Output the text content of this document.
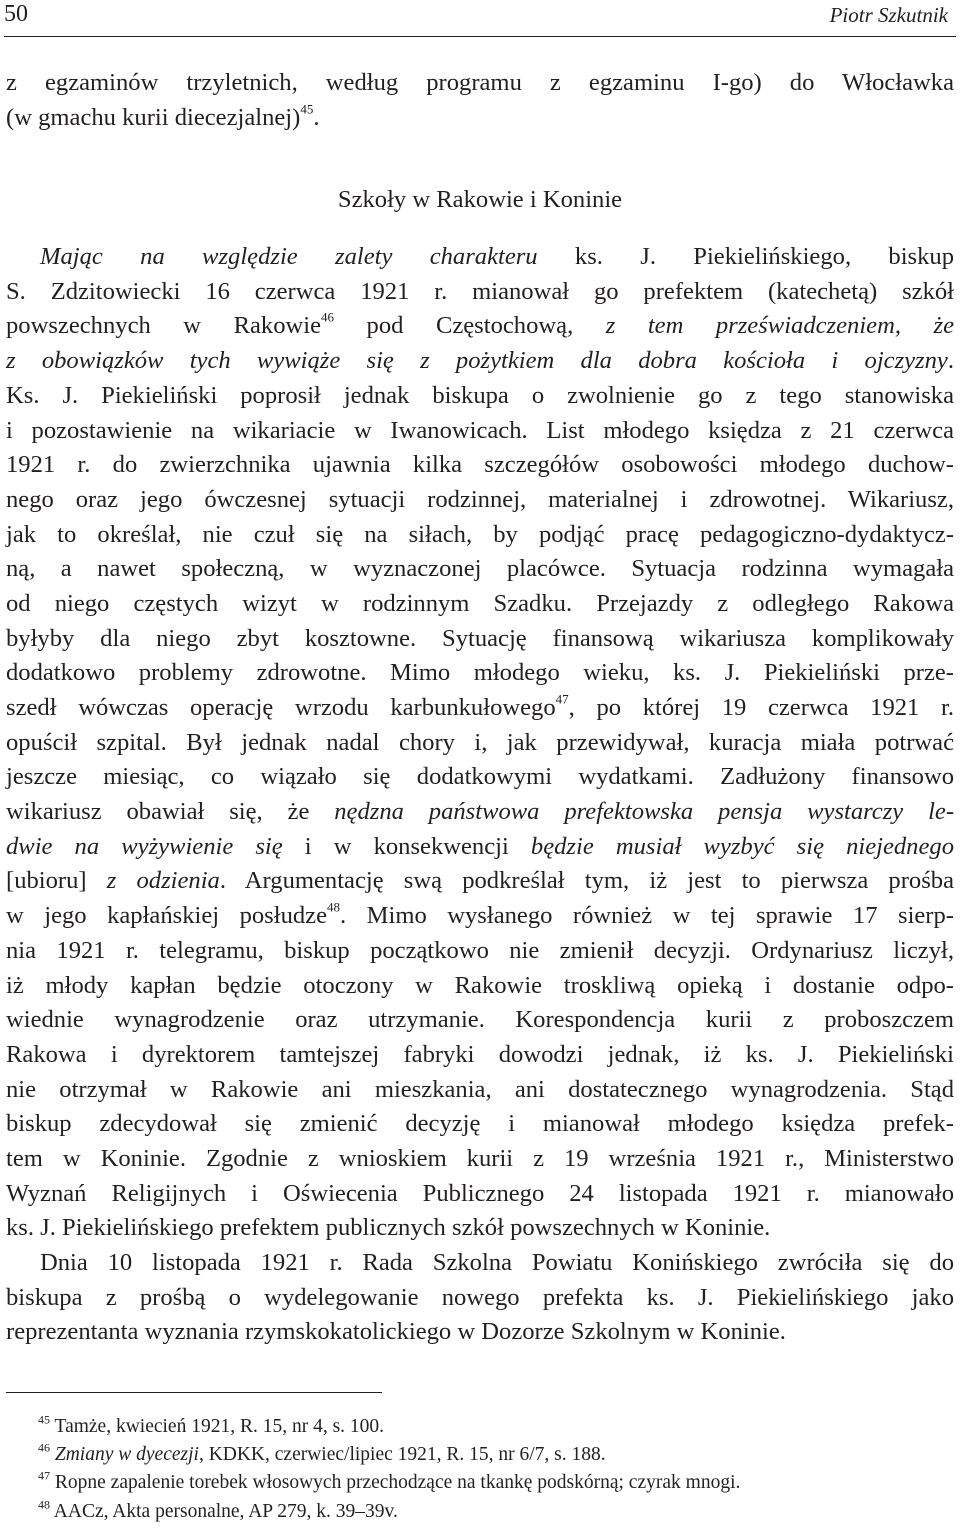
50	Piotr Szkutnik
z egzaminów trzyletnich, według programu z egzaminu I-go) do Włocławka
(w gmachu kurii diecezjalnej)$^{45}$.
Szkoły w Rakowie i Koninie
Mając na względzie zalety charakteru ks. J. Piekielińskiego, biskup
S. Zdzitowiecki 16 czerwca 1921 r. mianował go prefektem (katechetą) szkół
powszechnych w Rakowie$^{46}$ pod Częstochową, z tem przeświadczeniem, że
z obowiązków tych wywiąże się z pożytkiem dla dobra kościoła i ojczyzny.
Ks. J. Piekieliński poprosił jednak biskupa o zwolnienie go z tego stanowiska
i pozostawienie na wikariacie w Iwanowicach. List młodego księdza z 21 czerwca
1921 r. do zwierzchnika ujawnia kilka szczegółów osobowości młodego duchow-
nego oraz jego ówczesnej sytuacji rodzinnej, materialnej i zdrowotnej. Wikariusz,
jak to określał, nie czuł się na siłach, by podjąć pracę pedagogiczno-dydaktycz-
ną, a nawet społeczną, w wyznaczonej placówce. Sytuacja rodzinna wymagała
od niego częstych wizyt w rodzinnym Szadku. Przejazdy z odległego Rakowa
byłyby dla niego zbyt kosztowne. Sytuację finansową wikariusza komplikowały
dodatkowo problemy zdrowotne. Mimo młodego wieku, ks. J. Piekieliński prze-
szedł wówczas operację wrzodu karbunkułowego$^{47}$, po której 19 czerwca 1921 r.
opuścił szpital. Był jednak nadal chory i, jak przewidywał, kuracja miała potrwać
jeszcze miesiąc, co wiązało się dodatkowymi wydatkami. Zadłużony finansowo
wikariusz obawiał się, że nędzna państwowa prefektowska pensja wystarczy le-
dwie na wyżywienie się i w konsekwencji będzie musiał wyzbyć się niejednego
[ubioru] z odzienia. Argumentację swą podkreślał tym, iż jest to pierwsza prośba
w jego kapłańskiej posłudze$^{48}$. Mimo wysłanego również w tej sprawie 17 sierp-
nia 1921 r. telegramu, biskup początkowo nie zmienił decyzji. Ordynariusz liczył,
iż młody kapłan będzie otoczony w Rakowie troskliwą opieką i dostanie odpo-
wiednie wynagrodzenie oraz utrzymanie. Korespondencja kurii z proboszczem
Rakowa i dyrektorem tamtejszej fabryki dowodzi jednak, iż ks. J. Piekieliński
nie otrzymał w Rakowie ani mieszkania, ani dostatecznego wynagrodzenia. Stąd
biskup zdecydował się zmienić decyzję i mianował młodego księdza prefek-
tem w Koninie. Zgodnie z wnioskiem kurii z 19 września 1921 r., Ministerstwo
Wyznań Religijnych i Oświecenia Publicznego 24 listopada 1921 r. mianowało
ks. J. Piekielińskiego prefektem publicznych szkół powszechnych w Koninie.
Dnia 10 listopada 1921 r. Rada Szkolna Powiatu Konińskiego zwróciła się do
biskupa z prośbą o wydelegowanie nowego prefekta ks. J. Piekielińskiego jako
reprezentanta wyznania rzymskokatolickiego w Dozorze Szkolnym w Koninie.
$^{45}$ Tamże, kwiecień 1921, R. 15, nr 4, s. 100.
$^{46}$ Zmiany w dyecezji, KDKK, czerwiec/lipiec 1921, R. 15, nr 6/7, s. 188.
$^{47}$ Ropne zapalenie torebek włosowych przechodzące na tkankę podskórną; czyrak mnogi.
$^{48}$ AACz, Akta personalne, AP 279, k. 39–39v.
